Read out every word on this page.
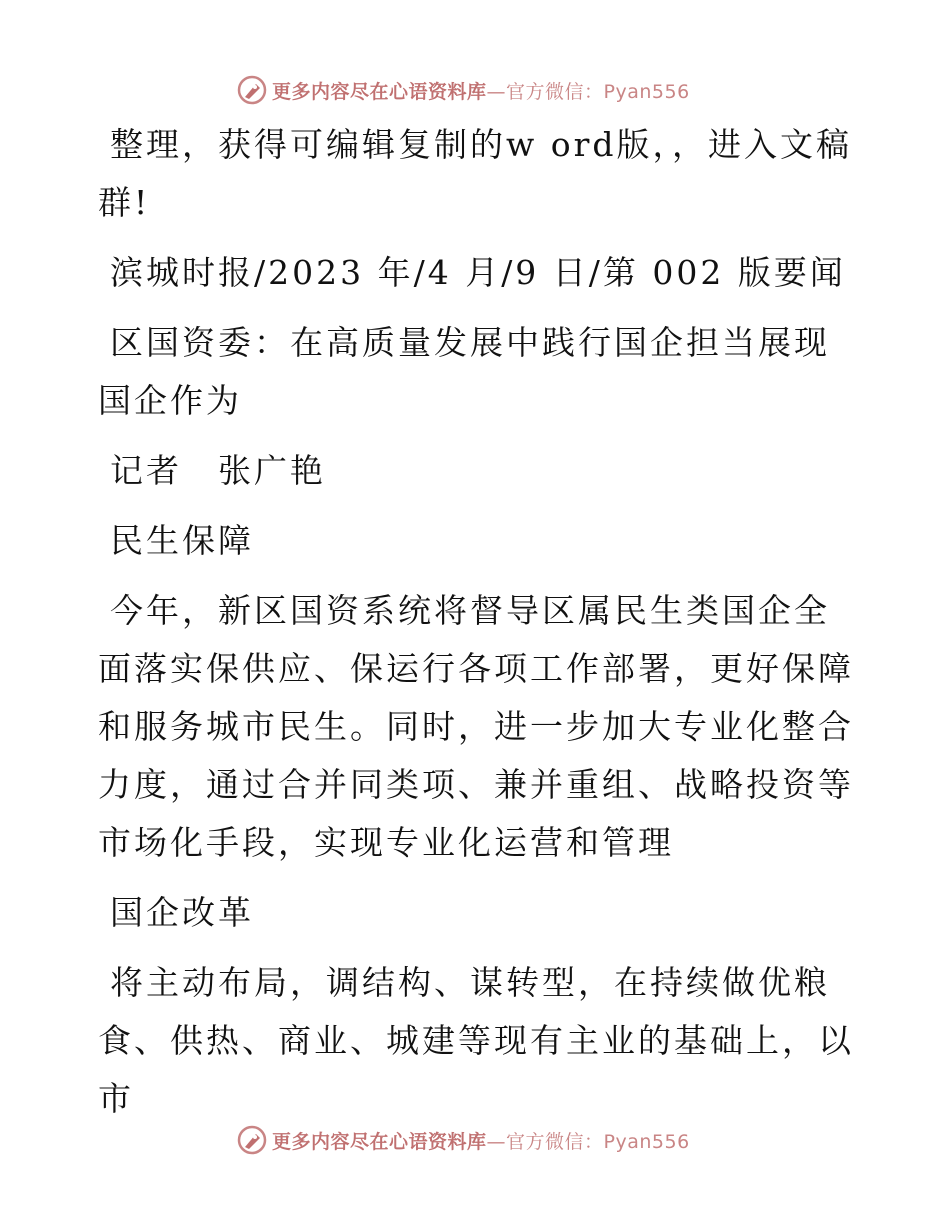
更多内容尽在心语资料库—官方微信：Pyan556

整理，获得可编辑复制的w ord版，，进入文稿群!

滨城时报/2023 年/4 月/9 日/第 002 版要闻

区国资委：在高质量发展中践行国企担当展现国企作为

记者　张广艳

民生保障

今年，新区国资系统将督导区属民生类国企全面落实保供应、保运行各项工作部署，更好保障和服务城市民生。同时，进一步加大专业化整合力度，通过合并同类项、兼并重组、战略投资等市场化手段，实现专业化运营和管理

国企改革

将主动布局，调结构、谋转型，在持续做优粮食、供热、商业、城建等现有主业的基础上，以市

更多内容尽在心语资料库—官方微信：Pyan556
